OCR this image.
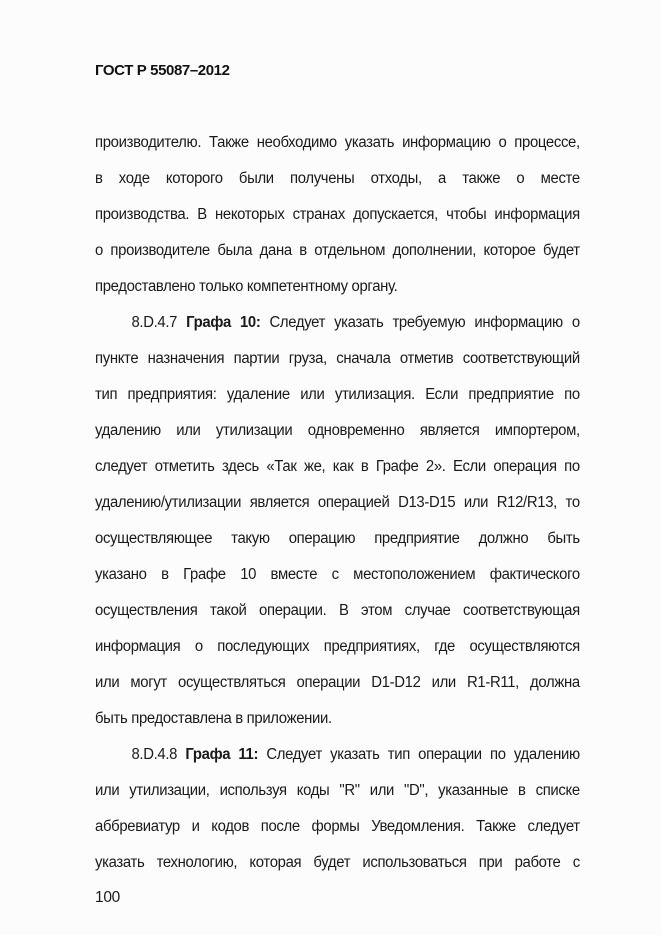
ГОСТ Р 55087–2012
производителю. Также необходимо указать информацию о процессе,
в ходе которого были получены отходы, а также о месте
производства. В некоторых странах допускается, чтобы информация
о производителе была дана в отдельном дополнении, которое будет
предоставлено только компетентному органу.
8.D.4.7 Графа 10: Следует указать требуемую информацию о
пункте назначения партии груза, сначала отметив соответствующий
тип предприятия: удаление или утилизация. Если предприятие по
удалению или утилизации одновременно является импортером,
следует отметить здесь «Так же, как в Графе 2». Если операция по
удалению/утилизации является операцией D13-D15 или R12/R13, то
осуществляющее такую операцию предприятие должно быть
указано в Графе 10 вместе с местоположением фактического
осуществления такой операции. В этом случае соответствующая
информация о последующих предприятиях, где осуществляются
или могут осуществляться операции D1-D12 или R1-R11, должна
быть предоставлена в приложении.
8.D.4.8 Графа 11: Следует указать тип операции по удалению
или утилизации, используя коды "R" или "D", указанные в списке
аббревиатур и кодов после формы Уведомления. Также следует
указать технологию, которая будет использоваться при работе с
100
